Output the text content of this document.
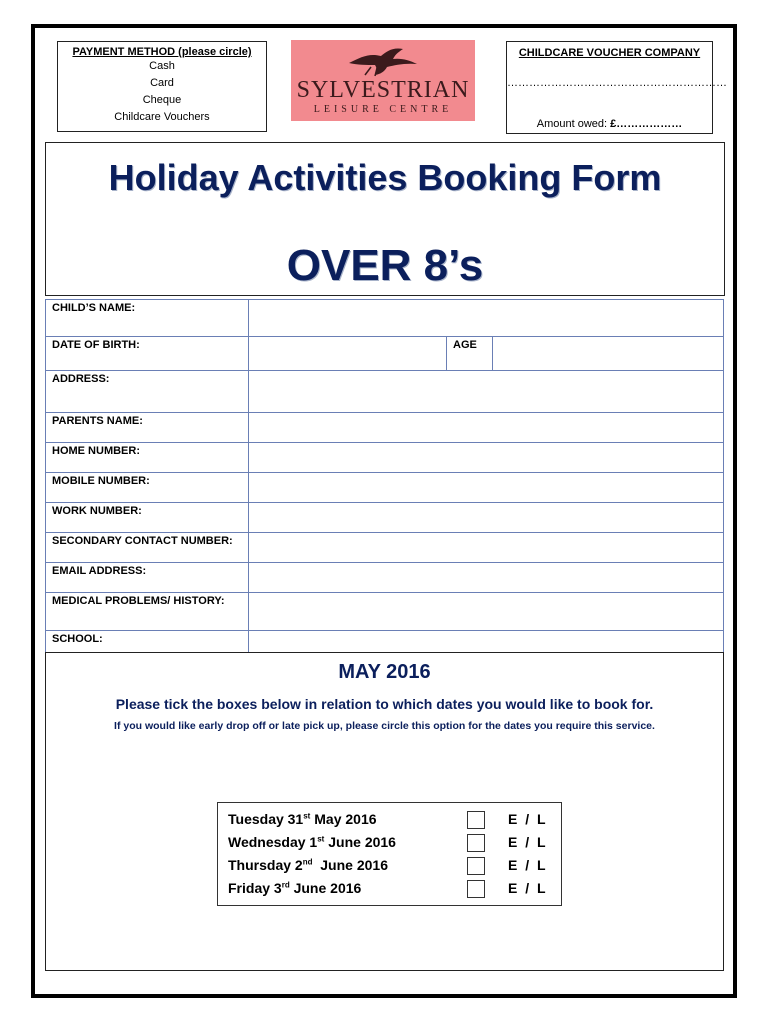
PAYMENT METHOD (please circle)
Cash
Card
Cheque
Childcare Vouchers
SYLVESTRIAN
LEISURE CENTRE
CHILDCARE VOUCHER COMPANY
……………………………………………………
Amount owed: £………………
Holiday Activities Booking Form
OVER 8’s
CHILD’S NAME:			
DATE OF BIRTH:		AGE	
ADDRESS:			
PARENTS NAME:			
HOME NUMBER:			
MOBILE NUMBER:			
WORK NUMBER:			
SECONDARY CONTACT NUMBER:			
EMAIL ADDRESS:			
MEDICAL PROBLEMS/ HISTORY:			
SCHOOL:			
MAY 2016
Please tick the boxes below in relation to which dates you would like to book for.
If you would like early drop off or late pick up, please circle this option for the dates you require this service.
Tuesday 31st May 2016	E / L
Wednesday 1st June 2016	E / L
Thursday 2nd  June 2016	E / L
Friday 3rd June 2016	E / L
